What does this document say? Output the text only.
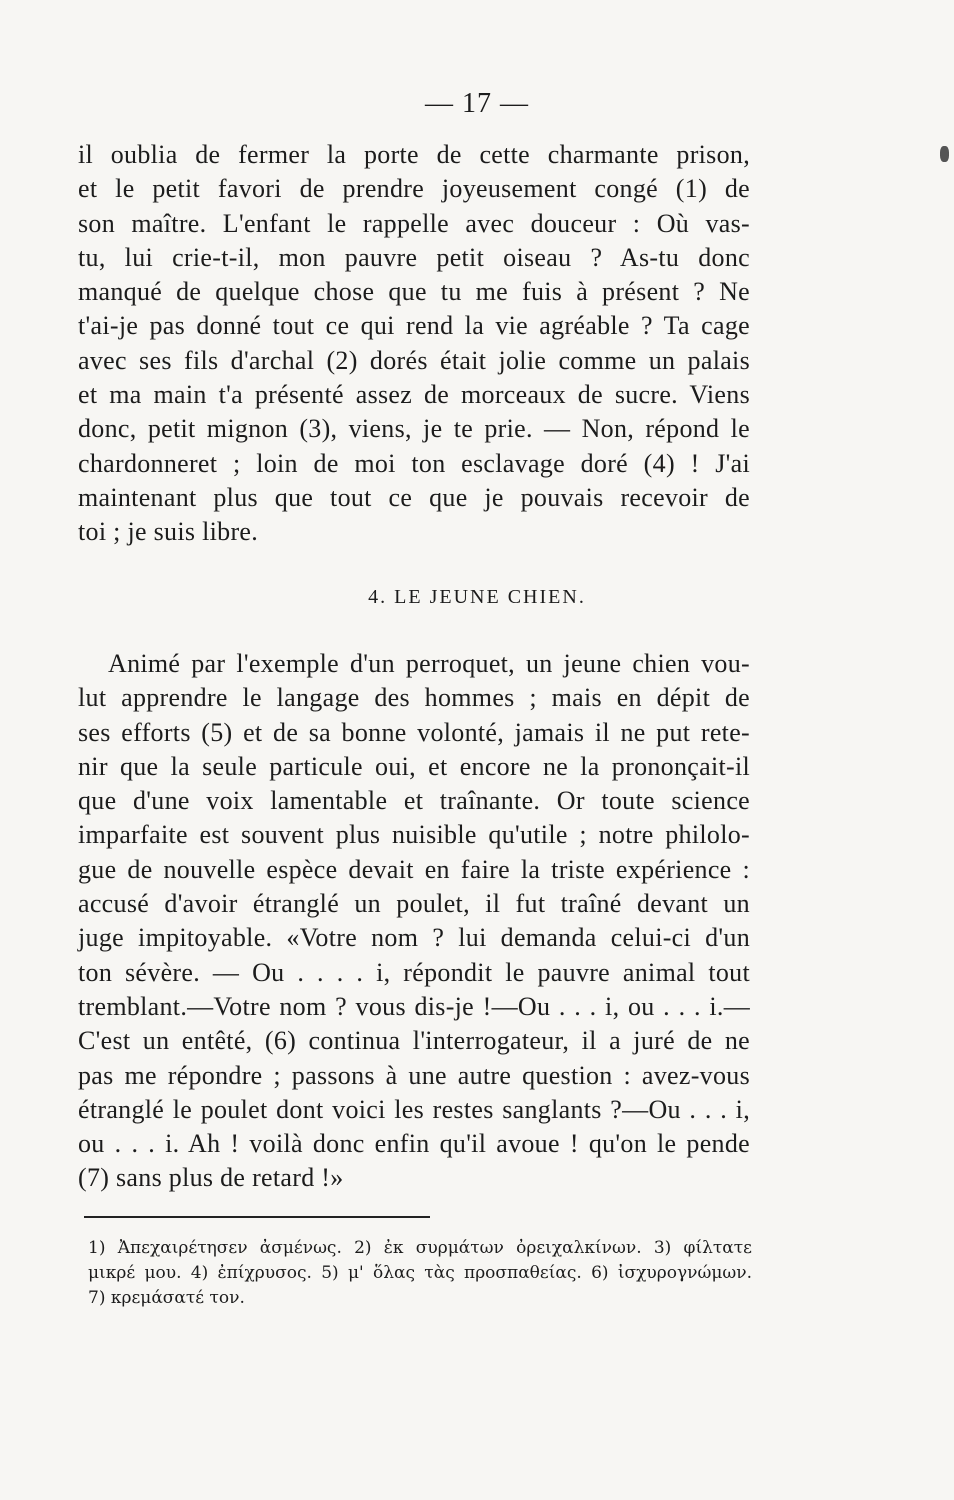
— 17 —
il oublia de fermer la porte de cette charmante prison,
et le petit favori de prendre joyeusement congé (1) de
son maître. L'enfant le rappelle avec douceur : Où vas-
tu, lui crie-t-il, mon pauvre petit oiseau ? As-tu donc
manqué de quelque chose que tu me fuis à présent ? Ne
t'ai-je pas donné tout ce qui rend la vie agréable ? Ta cage
avec ses fils d'archal (2) dorés était jolie comme un palais
et ma main t'a présenté assez de morceaux de sucre. Viens
donc, petit mignon (3), viens, je te prie. — Non, répond le
chardonneret ; loin de moi ton esclavage doré (4) ! J'ai
maintenant plus que tout ce que je pouvais recevoir de
toi ; je suis libre.
4. LE JEUNE CHIEN.
Animé par l'exemple d'un perroquet, un jeune chien vou-
lut apprendre le langage des hommes ; mais en dépit de
ses efforts (5) et de sa bonne volonté, jamais il ne put rete-
nir que la seule particule oui, et encore ne la prononçait-il
que d'une voix lamentable et traînante. Or toute science
imparfaite est souvent plus nuisible qu'utile ; notre philolo-
gue de nouvelle espèce devait en faire la triste expérience :
accusé d'avoir étranglé un poulet, il fut traîné devant un
juge impitoyable. «Votre nom ? lui demanda celui-ci d'un
ton sévère. — Ou . . . . i, répondit le pauvre animal tout
tremblant.—Votre nom ? vous dis-je !—Ou . . . i, ou . . . i.—
C'est un entêté, (6) continua l'interrogateur, il a juré de ne
pas me répondre ; passons à une autre question : avez-vous
étranglé le poulet dont voici les restes sanglants ?—Ou . . . i,
ou . . . i. Ah ! voilà donc enfin qu'il avoue ! qu'on le pende
(7) sans plus de retard !»
1) Ἀπεχαιρέτησεν ἀσμένως. 2) ἐκ συρμάτων ὀρειχαλκίνων. 3) φίλτατε
μικρέ μου. 4) ἐπίχρυσος. 5) μ' ὅλας τὰς προσπαθείας. 6) ἰσχυρογνώμων.
7) κρεμάσατέ τον.
